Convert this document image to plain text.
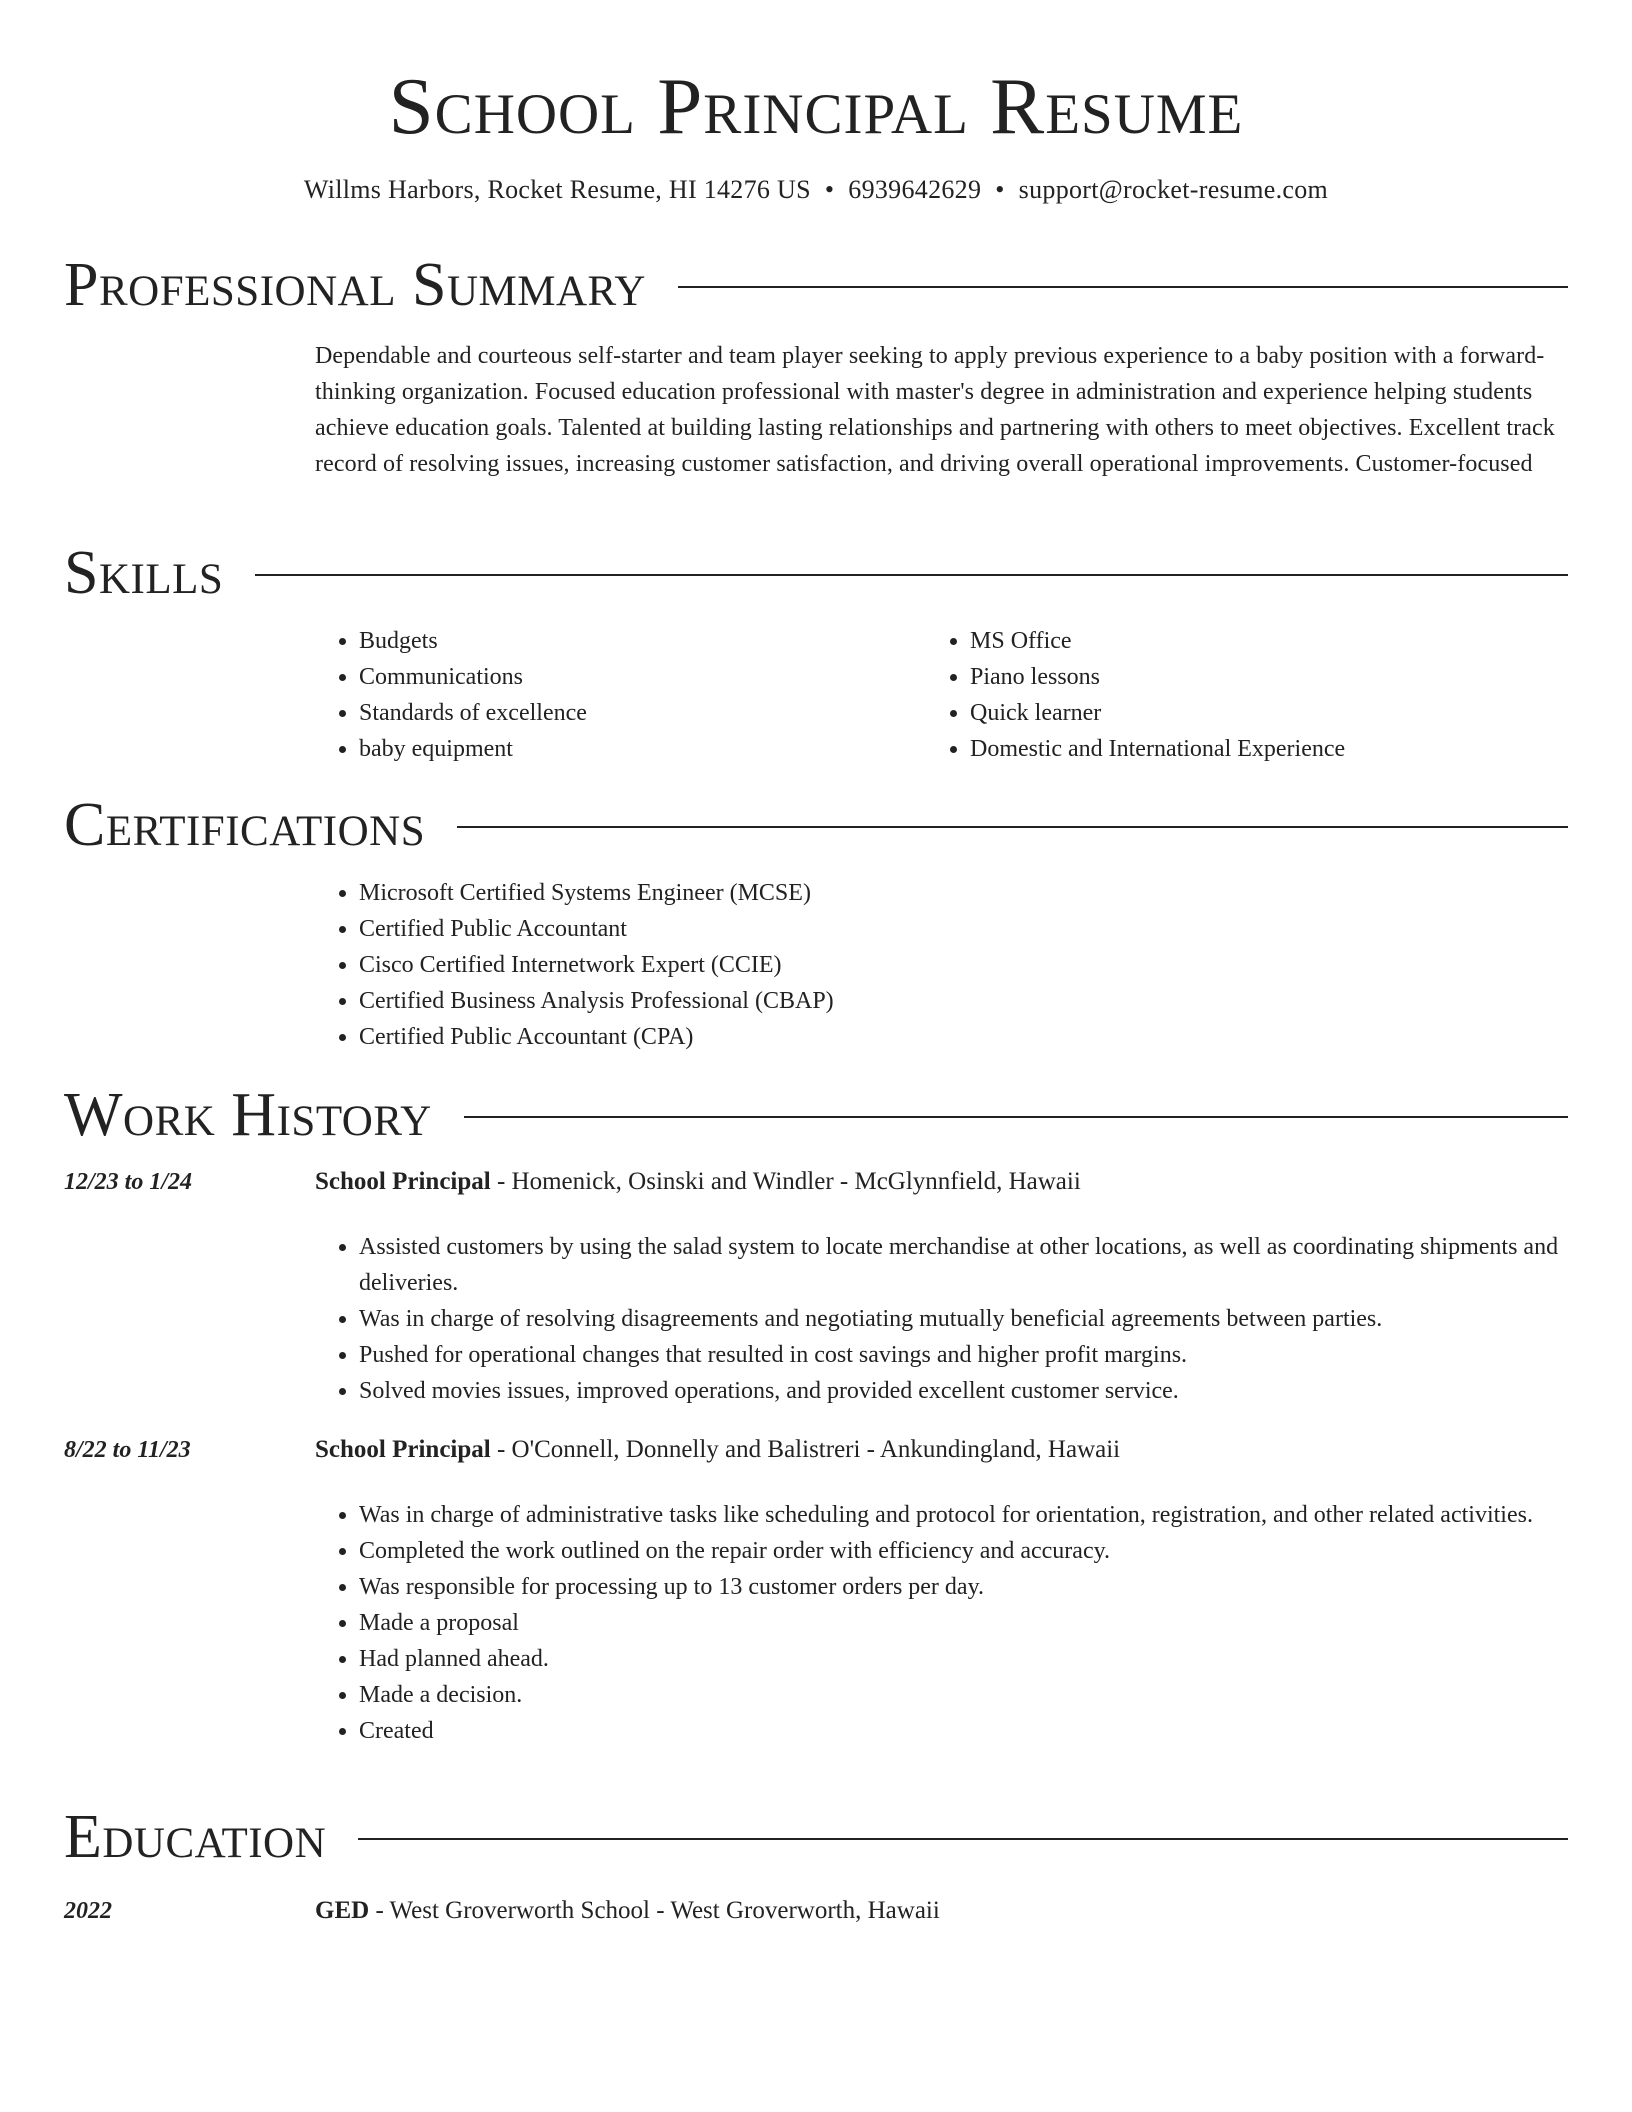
School Principal Resume
Willms Harbors, Rocket Resume, HI 14276 US • 6939642629 • support@rocket-resume.com
Professional Summary
Dependable and courteous self-starter and team player seeking to apply previous experience to a baby position with a forward-thinking organization. Focused education professional with master's degree in administration and experience helping students achieve education goals. Talented at building lasting relationships and partnering with others to meet objectives. Excellent track record of resolving issues, increasing customer satisfaction, and driving overall operational improvements. Customer-focused
Skills
• Budgets
• Communications
• Standards of excellence
• baby equipment
• MS Office
• Piano lessons
• Quick learner
• Domestic and International Experience
Certifications
• Microsoft Certified Systems Engineer (MCSE)
• Certified Public Accountant
• Cisco Certified Internetwork Expert (CCIE)
• Certified Business Analysis Professional (CBAP)
• Certified Public Accountant (CPA)
Work History
12/23 to 1/24	School Principal - Homenick, Osinski and Windler - McGlynnfield, Hawaii
• Assisted customers by using the salad system to locate merchandise at other locations, as well as coordinating shipments and deliveries.
• Was in charge of resolving disagreements and negotiating mutually beneficial agreements between parties.
• Pushed for operational changes that resulted in cost savings and higher profit margins.
• Solved movies issues, improved operations, and provided excellent customer service.
8/22 to 11/23	School Principal - O'Connell, Donnelly and Balistreri - Ankundingland, Hawaii
• Was in charge of administrative tasks like scheduling and protocol for orientation, registration, and other related activities.
• Completed the work outlined on the repair order with efficiency and accuracy.
• Was responsible for processing up to 13 customer orders per day.
• Made a proposal
• Had planned ahead.
• Made a decision.
• Created
Education
2022	GED - West Groverworth School - West Groverworth, Hawaii
